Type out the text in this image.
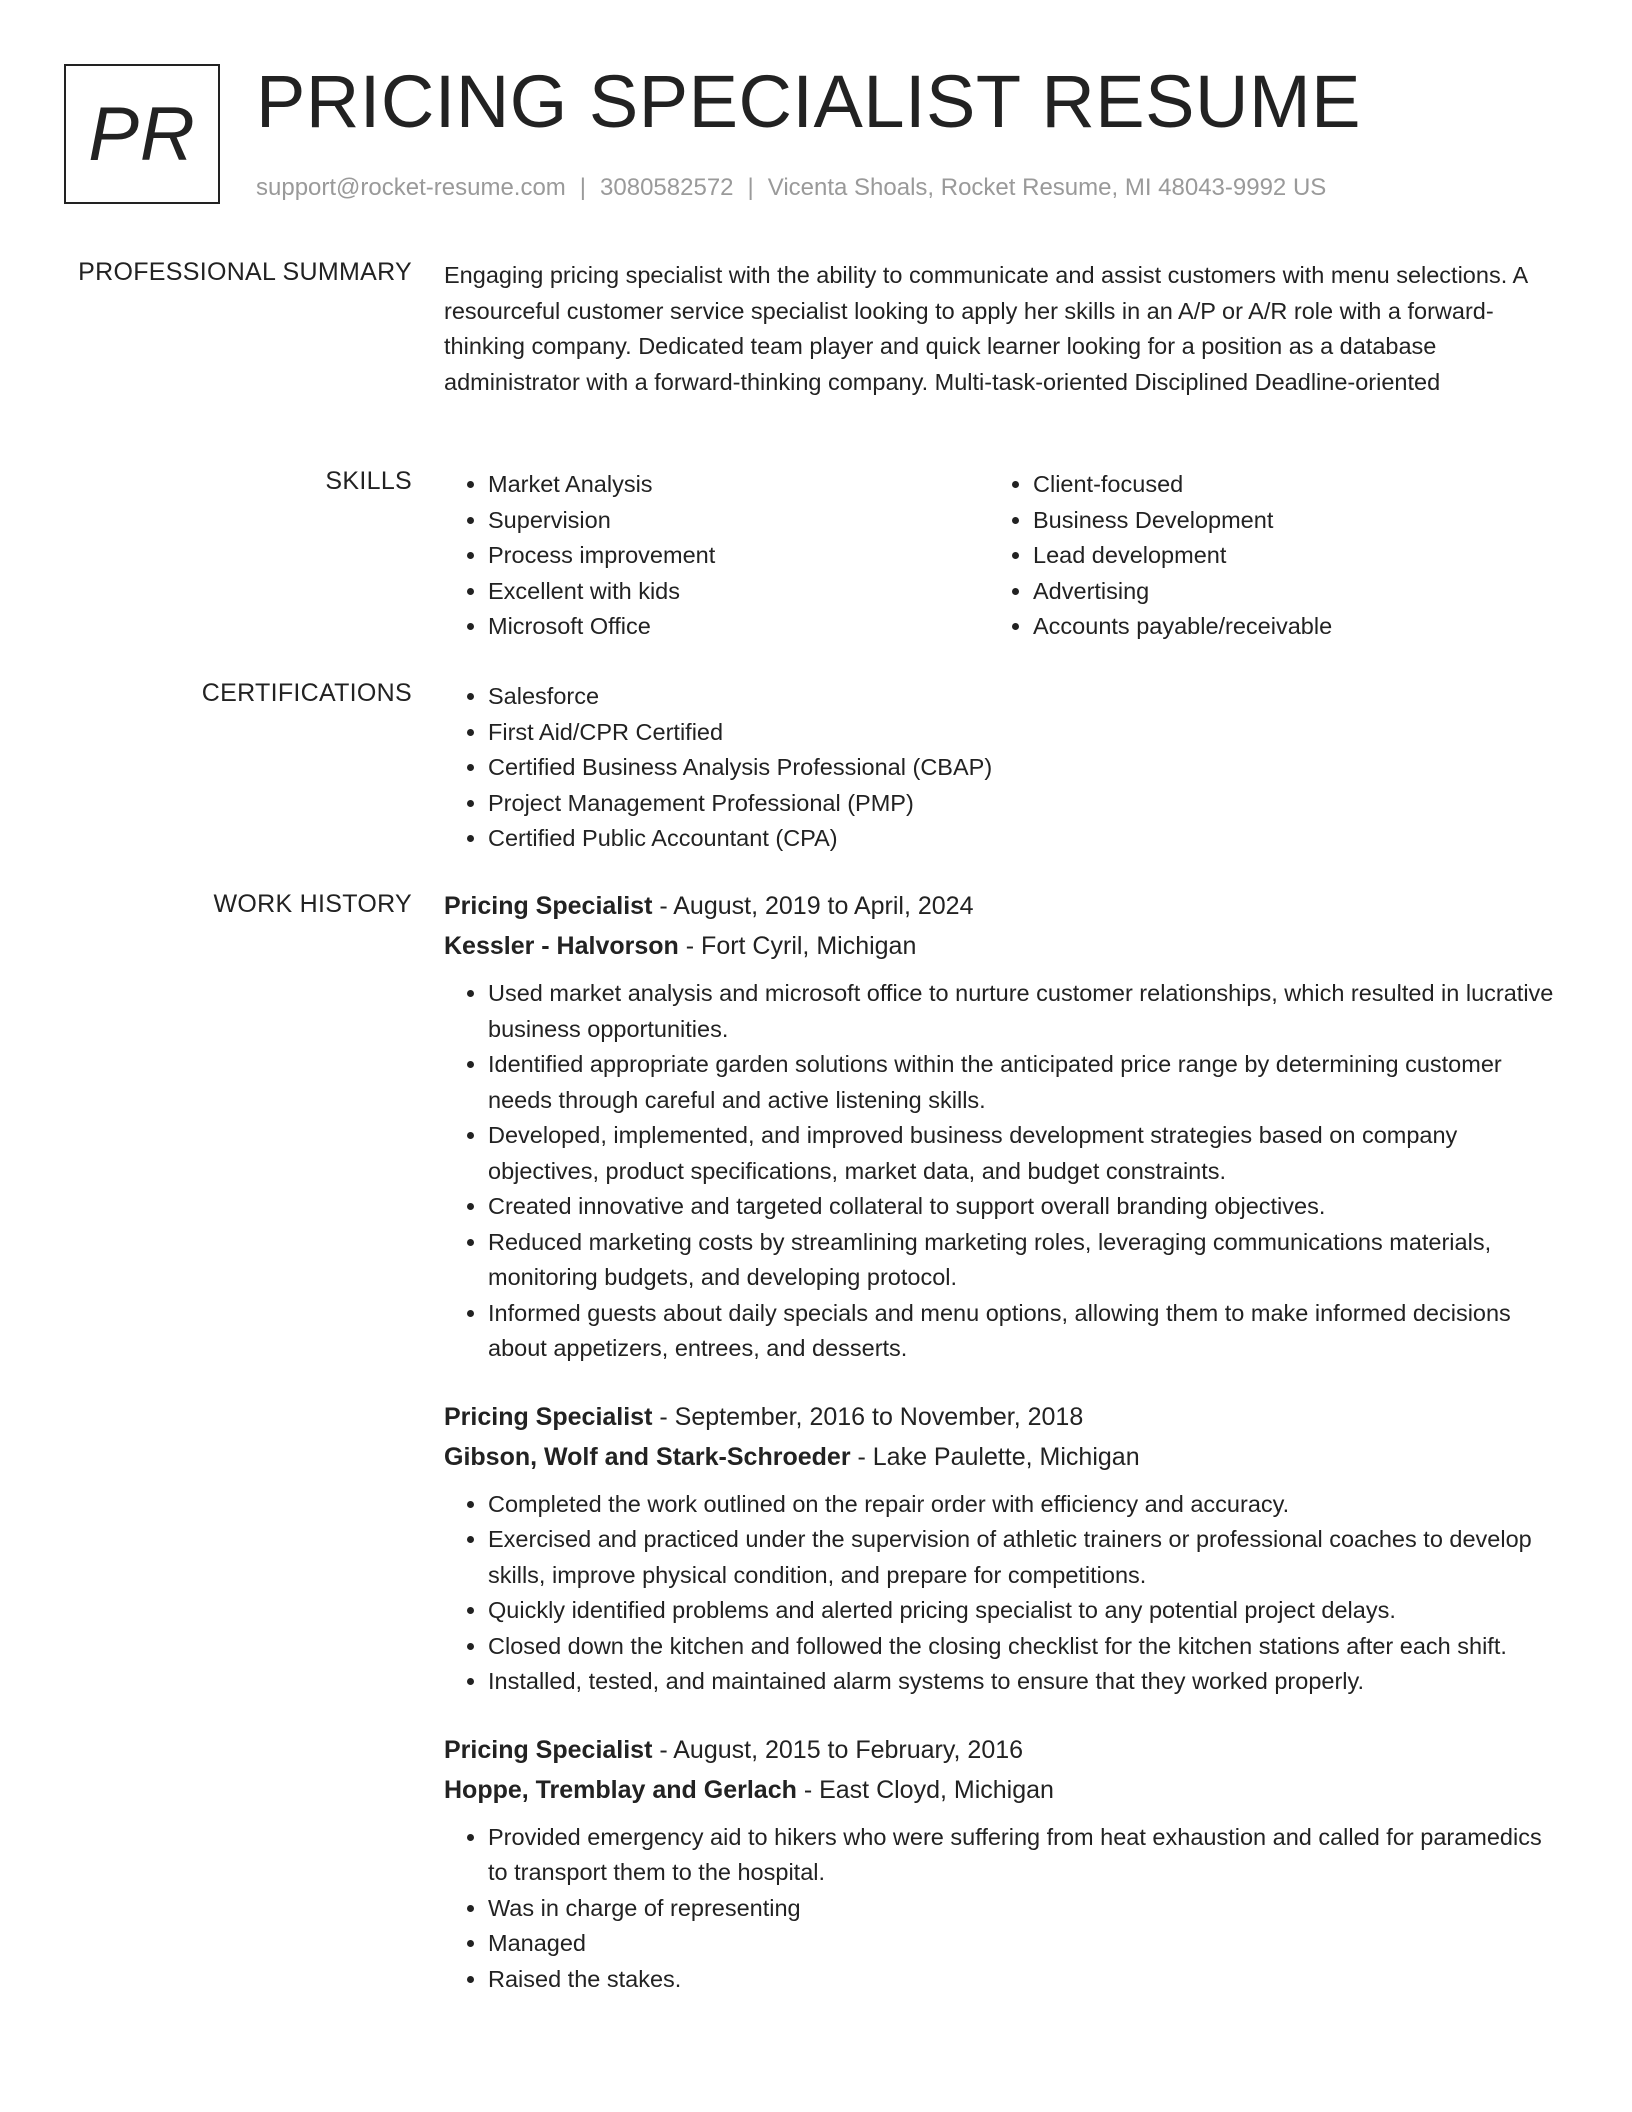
PR PRICING SPECIALIST RESUME
support@rocket-resume.com | 3080582572 | Vicenta Shoals, Rocket Resume, MI 48043-9992 US
PROFESSIONAL SUMMARY Engaging pricing specialist with the ability to communicate and assist customers with menu selections. A resourceful customer service specialist looking to apply her skills in an A/P or A/R role with a forward-thinking company. Dedicated team player and quick learner looking for a position as a database administrator with a forward-thinking company. Multi-task-oriented Disciplined Deadline-oriented
SKILLS	• Market Analysis
• Supervision
• Process improvement
• Excellent with kids
• Microsoft Office
• Client-focused
• Business Development
• Lead development
• Advertising
• Accounts payable/receivable
CERTIFICATIONS	• Salesforce
• First Aid/CPR Certified
• Certified Business Analysis Professional (CBAP)
• Project Management Professional (PMP)
• Certified Public Accountant (CPA)
WORK HISTORY Pricing Specialist - August, 2019 to April, 2024
Kessler - Halvorson - Fort Cyril, Michigan
• Used market analysis and microsoft office to nurture customer relationships, which resulted in lucrative business opportunities.
• Identified appropriate garden solutions within the anticipated price range by determining customer needs through careful and active listening skills.
• Developed, implemented, and improved business development strategies based on company objectives, product specifications, market data, and budget constraints.
• Created innovative and targeted collateral to support overall branding objectives.
• Reduced marketing costs by streamlining marketing roles, leveraging communications materials, monitoring budgets, and developing protocol.
• Informed guests about daily specials and menu options, allowing them to make informed decisions about appetizers, entrees, and desserts.
Pricing Specialist - September, 2016 to November, 2018
Gibson, Wolf and Stark-Schroeder - Lake Paulette, Michigan
• Completed the work outlined on the repair order with efficiency and accuracy.
• Exercised and practiced under the supervision of athletic trainers or professional coaches to develop skills, improve physical condition, and prepare for competitions.
• Quickly identified problems and alerted pricing specialist to any potential project delays.
• Closed down the kitchen and followed the closing checklist for the kitchen stations after each shift.
• Installed, tested, and maintained alarm systems to ensure that they worked properly.
Pricing Specialist - August, 2015 to February, 2016
Hoppe, Tremblay and Gerlach - East Cloyd, Michigan
• Provided emergency aid to hikers who were suffering from heat exhaustion and called for paramedics to transport them to the hospital.
• Was in charge of representing
• Managed
• Raised the stakes.
